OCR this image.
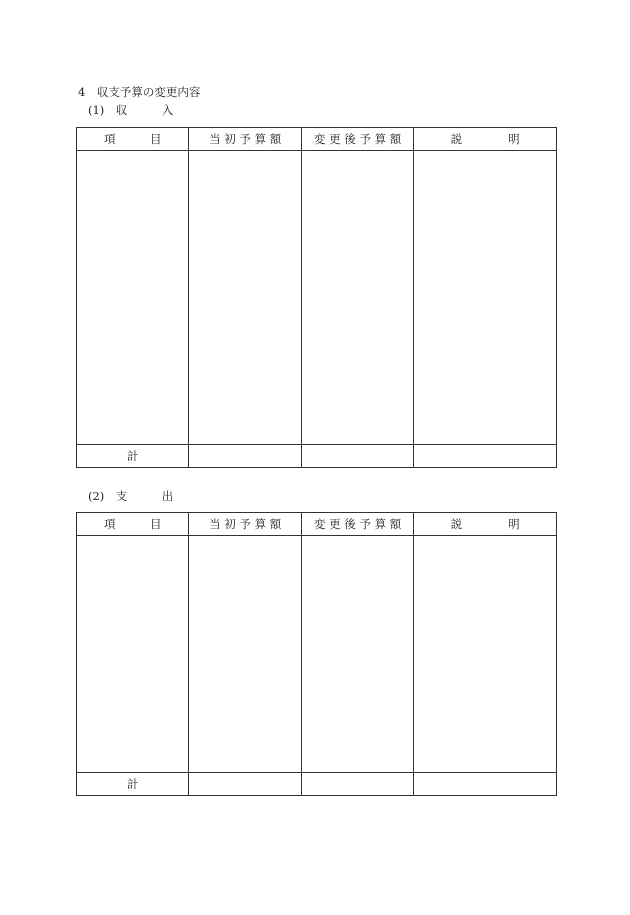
4　収支予算の変更内容
(1)　収　　　入
項　　　目	当 初 予 算 額	変 更 後 予 算 額	説　　　　明

計			
(2)　支　　　出
項　　　目	当 初 予 算 額	変 更 後 予 算 額	説　　　　明

計			
